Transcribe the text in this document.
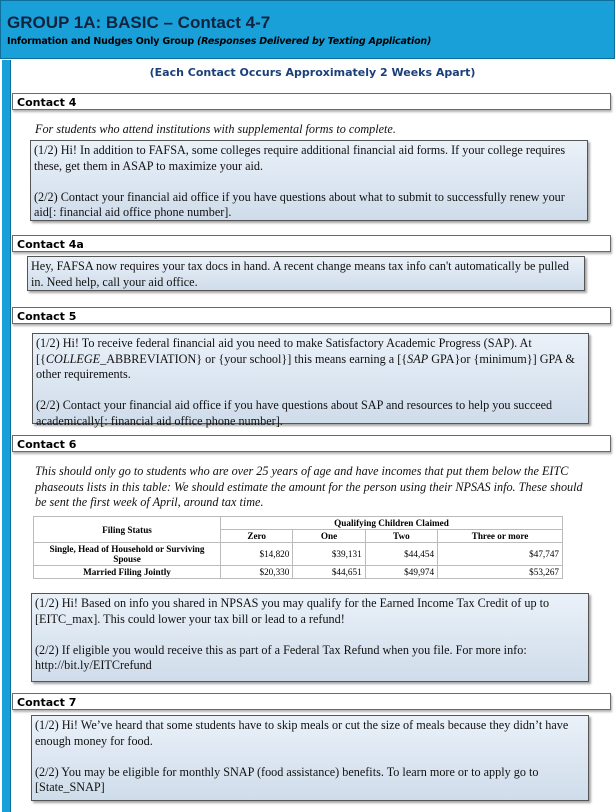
GROUP 1A: BASIC – Contact 4-7
Information and Nudges Only Group (Responses Delivered by Texting Application)
(Each Contact Occurs Approximately 2 Weeks Apart)
Contact 4
For students who attend institutions with supplemental forms to complete.

(1/2) Hi! In addition to FAFSA, some colleges require additional financial aid forms. If your college requires these, get them in ASAP to maximize your aid.

(2/2) Contact your financial aid office if you have questions about what to submit to successfully renew your aid[: financial aid office phone number].

Contact 4a

Hey, FAFSA now requires your tax docs in hand. A recent change means tax info can't automatically be pulled in. Need help, call your aid office.

Contact 5

(1/2) Hi! To receive federal financial aid you need to make Satisfactory Academic Progress (SAP). At [{COLLEGE_ABBREVIATION} or {your school}] this means earning a [{SAP GPA}or {minimum}] GPA & other requirements.

(2/2) Contact your financial aid office if you have questions about SAP and resources to help you succeed academically[: financial aid office phone number].

Contact 6
This should only go to students who are over 25 years of age and have incomes that put them below the EITC phaseouts lists in this table: We should estimate the amount for the person using their NPSAS info. These should be sent the first week of April, around tax time.
Filing Status	Qualifying Children Claimed			
	Zero	One	Two	Three or more
Single, Head of Household or Surviving Spouse	$14,820	$39,131	$44,454	$47,747
Married Filing Jointly	$20,330	$44,651	$49,974	$53,267

(1/2) Hi! Based on info you shared in NPSAS you may qualify for the Earned Income Tax Credit of up to [EITC_max]. This could lower your tax bill or lead to a refund!

(2/2) If eligible you would receive this as part of a Federal Tax Refund when you file. For more info: http://bit.ly/EITCrefund

Contact 7

(1/2) Hi! We’ve heard that some students have to skip meals or cut the size of meals because they didn’t have enough money for food.

(2/2) You may be eligible for monthly SNAP (food assistance) benefits. To learn more or to apply go to [State_SNAP]
